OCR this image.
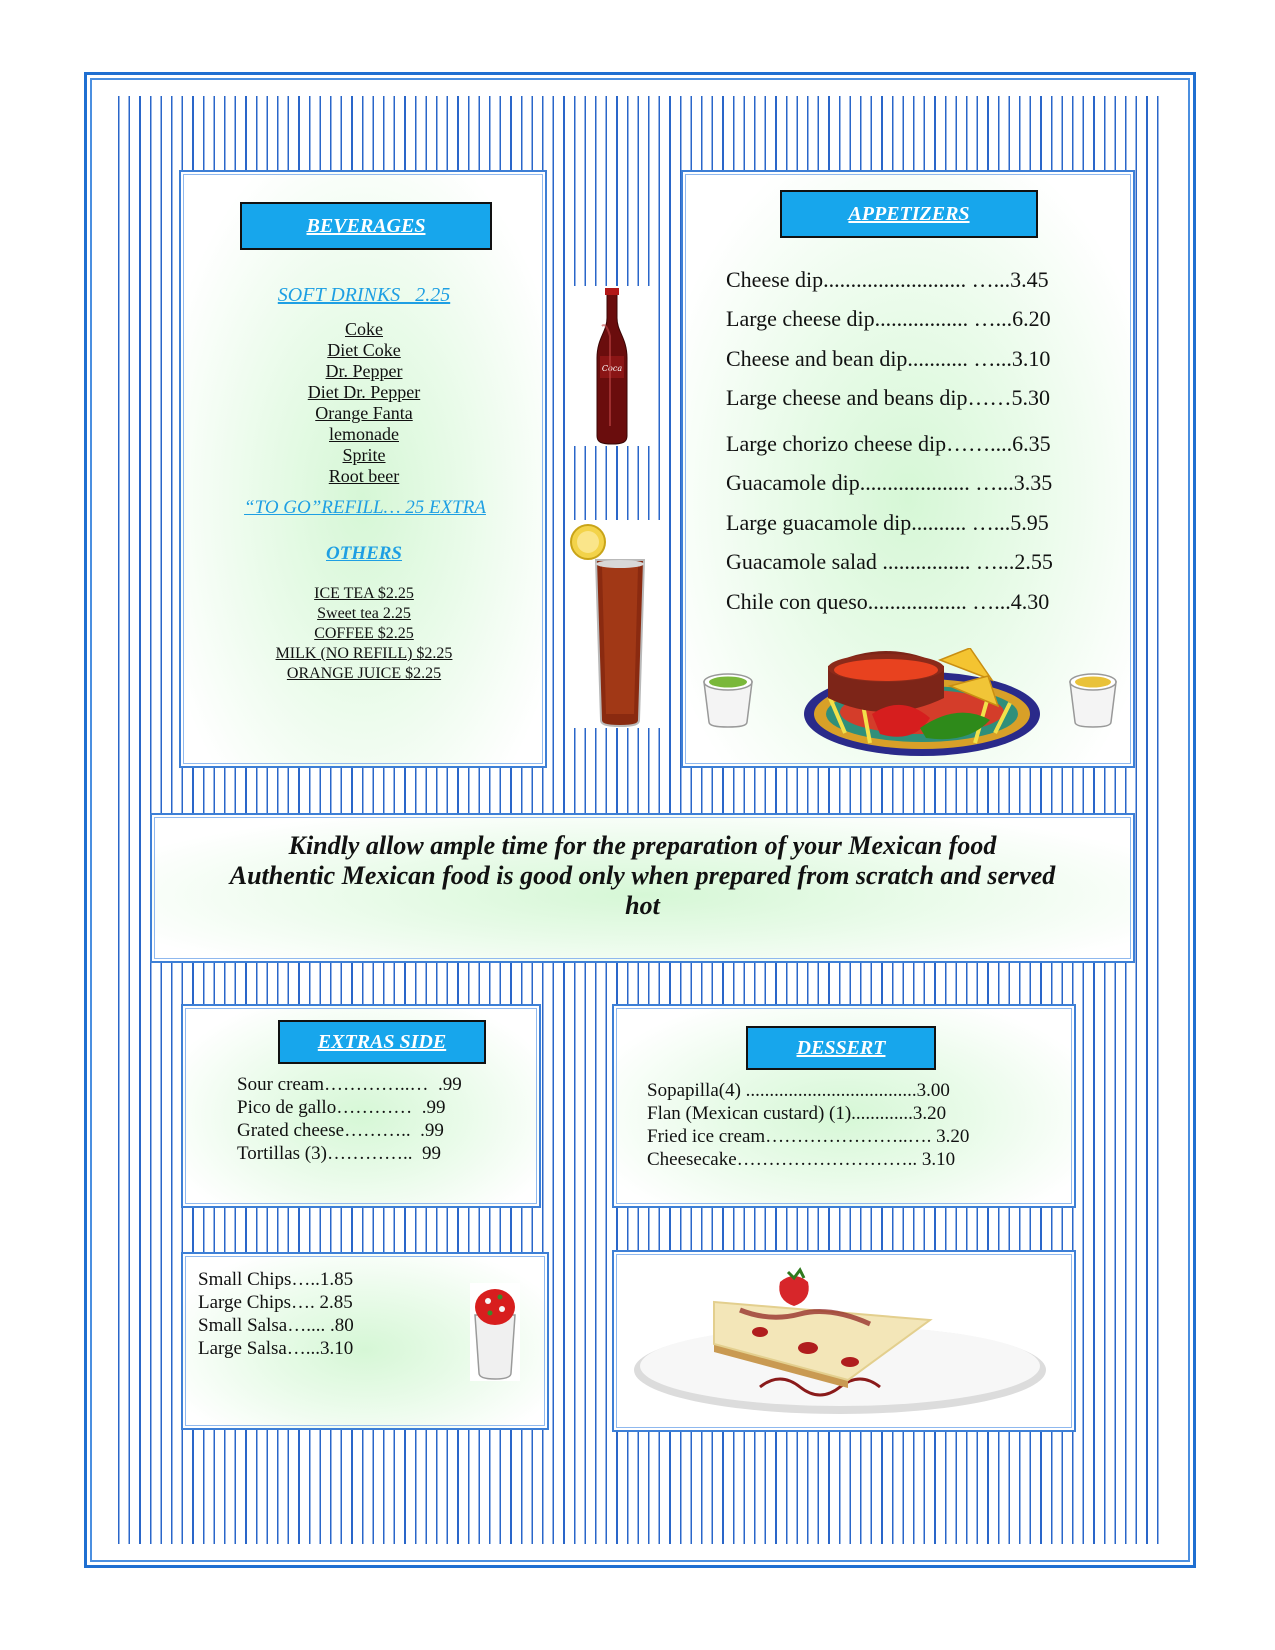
BEVERAGES
SOFT DRINKS   2.25
Coke
Diet Coke
Dr. Pepper
Diet Dr. Pepper
Orange Fanta
lemonade
Sprite
Root beer
“TO GO”REFILL… 25 EXTRA
OTHERS
ICE TEA $2.25
Sweet tea 2.25
COFFEE $2.25
MILK (NO REFILL) $2.25
ORANGE JUICE $2.25
Coca
APPETIZERS
Cheese dip.......................... …...3.45
Large cheese dip................. …...6.20
Cheese and bean dip........... …...3.10
Large cheese and beans dip……5.30
Large chorizo cheese dip……....6.35
Guacamole dip.................... …...3.35
Large guacamole dip.......... …...5.95
Guacamole salad ................ …...2.55
Chile con queso.................. …...4.30
Kindly allow ample time for the preparation of your Mexican food
Authentic Mexican food is good only when prepared from scratch and served
hot
EXTRAS SIDE
Sour cream…………..…  .99
Pico de gallo…………  .99
Grated cheese………..  .99
Tortillas (3)…………..  99
DESSERT
Sopapilla(4) ....................................3.00
Flan (Mexican custard) (1).............3.20
Fried ice cream…………………..…. 3.20
Cheesecake……………………….. 3.10
Small Chips…..1.85
Large Chips…. 2.85
Small Salsa….... .80
Large Salsa…...3.10
